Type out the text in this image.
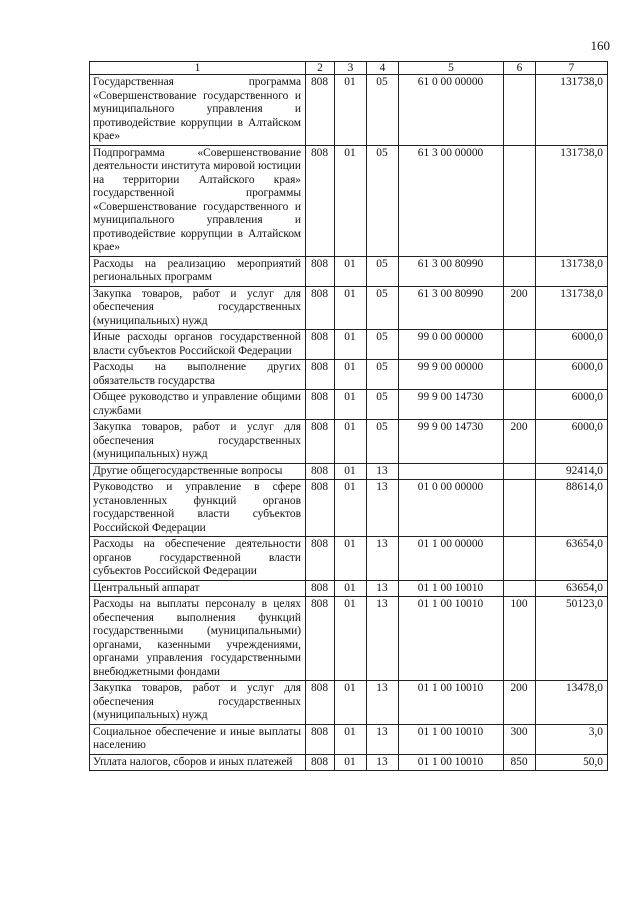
160
1	2	3	4	5	6	7
Государственная программа «Совершенствование государственного и муниципального управления и противодействие коррупции в Алтайском крае»	808	01	05	61 0 00 00000		131738,0
Подпрограмма «Совершенствование деятельности института мировой юстиции на территории Алтайского края» государственной программы «Совершенствование государственного и муниципального управления и противодействие коррупции в Алтайском крае»	808	01	05	61 3 00 00000		131738,0
Расходы на реализацию мероприятий региональных программ	808	01	05	61 3 00 80990		131738,0
Закупка товаров, работ и услуг для обеспечения государственных (муниципальных) нужд	808	01	05	61 3 00 80990	200	131738,0
Иные расходы органов государственной власти субъектов Российской Федерации	808	01	05	99 0 00 00000		6000,0
Расходы на выполнение других обязательств государства	808	01	05	99 9 00 00000		6000,0
Общее руководство и управление общими службами	808	01	05	99 9 00 14730		6000,0
Закупка товаров, работ и услуг для обеспечения государственных (муниципальных) нужд	808	01	05	99 9 00 14730	200	6000,0
Другие общегосударственные вопросы	808	01	13			92414,0
Руководство и управление в сфере установленных функций органов государственной власти субъектов Российской Федерации	808	01	13	01 0 00 00000		88614,0
Расходы на обеспечение деятельности органов государственной власти субъектов Российской Федерации	808	01	13	01 1 00 00000		63654,0
Центральный аппарат	808	01	13	01 1 00 10010		63654,0
Расходы на выплаты персоналу в целях обеспечения выполнения функций государственными (муниципальными) органами, казенными учреждениями, органами управления государственными внебюджетными фондами	808	01	13	01 1 00 10010	100	50123,0
Закупка товаров, работ и услуг для обеспечения государственных (муниципальных) нужд	808	01	13	01 1 00 10010	200	13478,0
Социальное обеспечение и иные выплаты населению	808	01	13	01 1 00 10010	300	3,0
Уплата налогов, сборов и иных платежей	808	01	13	01 1 00 10010	850	50,0
